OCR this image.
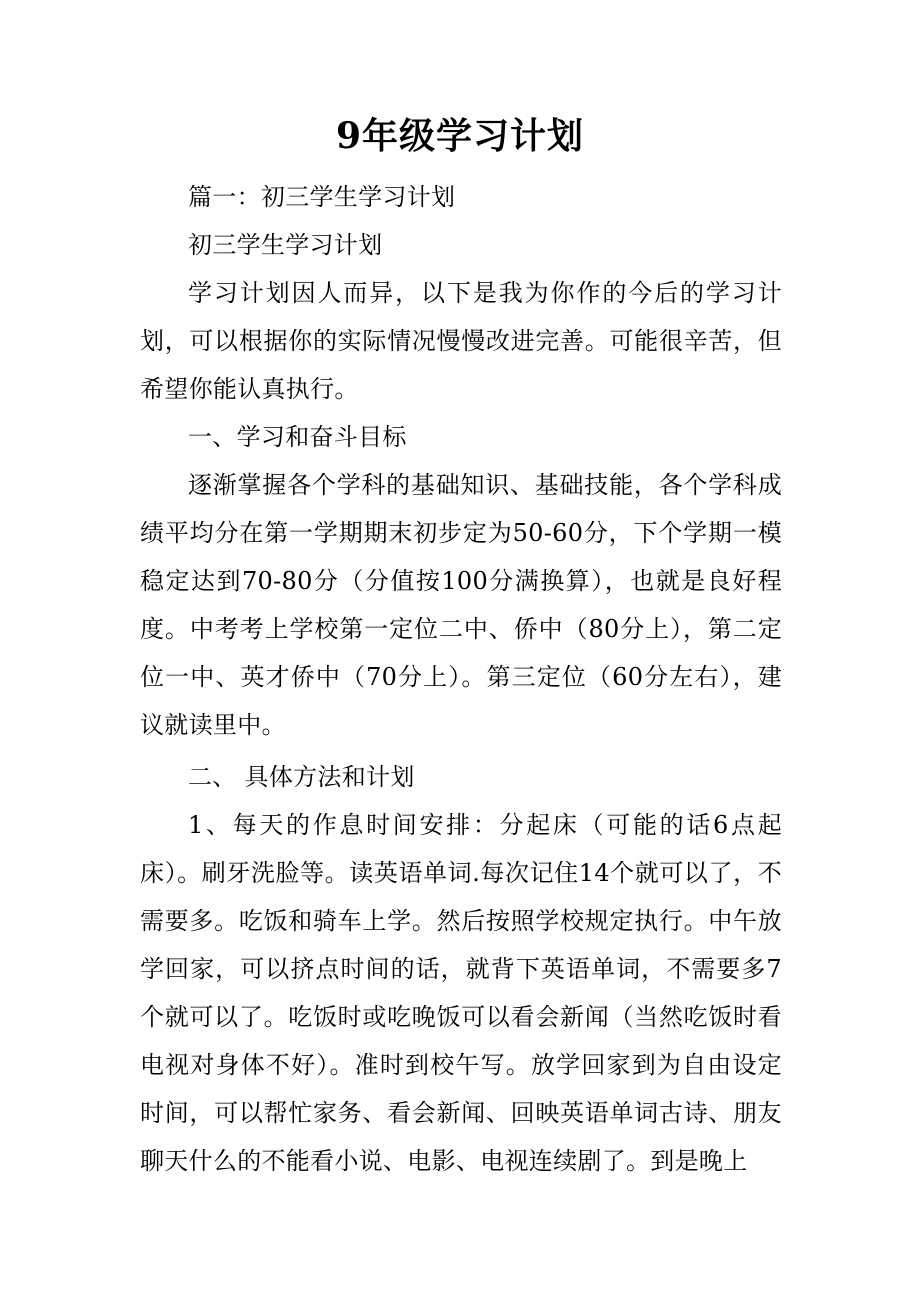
9年级学习计划

篇一：初三学生学习计划

初三学生学习计划

学习计划因人而异，以下是我为你作的今后的学习计划，可以根据你的实际情况慢慢改进完善。可能很辛苦，但希望你能认真执行。

一、学习和奋斗目标

逐渐掌握各个学科的基础知识、基础技能，各个学科成绩平均分在第一学期期末初步定为50-60分，下个学期一模稳定达到70-80分（分值按100分满换算），也就是良好程度。中考考上学校第一定位二中、侨中（80分上），第二定位一中、英才侨中（70分上）。第三定位（60分左右），建议就读里中。

二、 具体方法和计划

1、每天的作息时间安排：分起床（可能的话6点起床）。刷牙洗脸等。读英语单词.每次记住14个就可以了，不需要多。吃饭和骑车上学。然后按照学校规定执行。中午放学回家，可以挤点时间的话，就背下英语单词，不需要多7个就可以了。吃饭时或吃晚饭可以看会新闻（当然吃饭时看电视对身体不好）。准时到校午写。放学回家到为自由设定时间，可以帮忙家务、看会新闻、回映英语单词古诗、朋友聊天什么的不能看小说、电影、电视连续剧了。到是晚上
